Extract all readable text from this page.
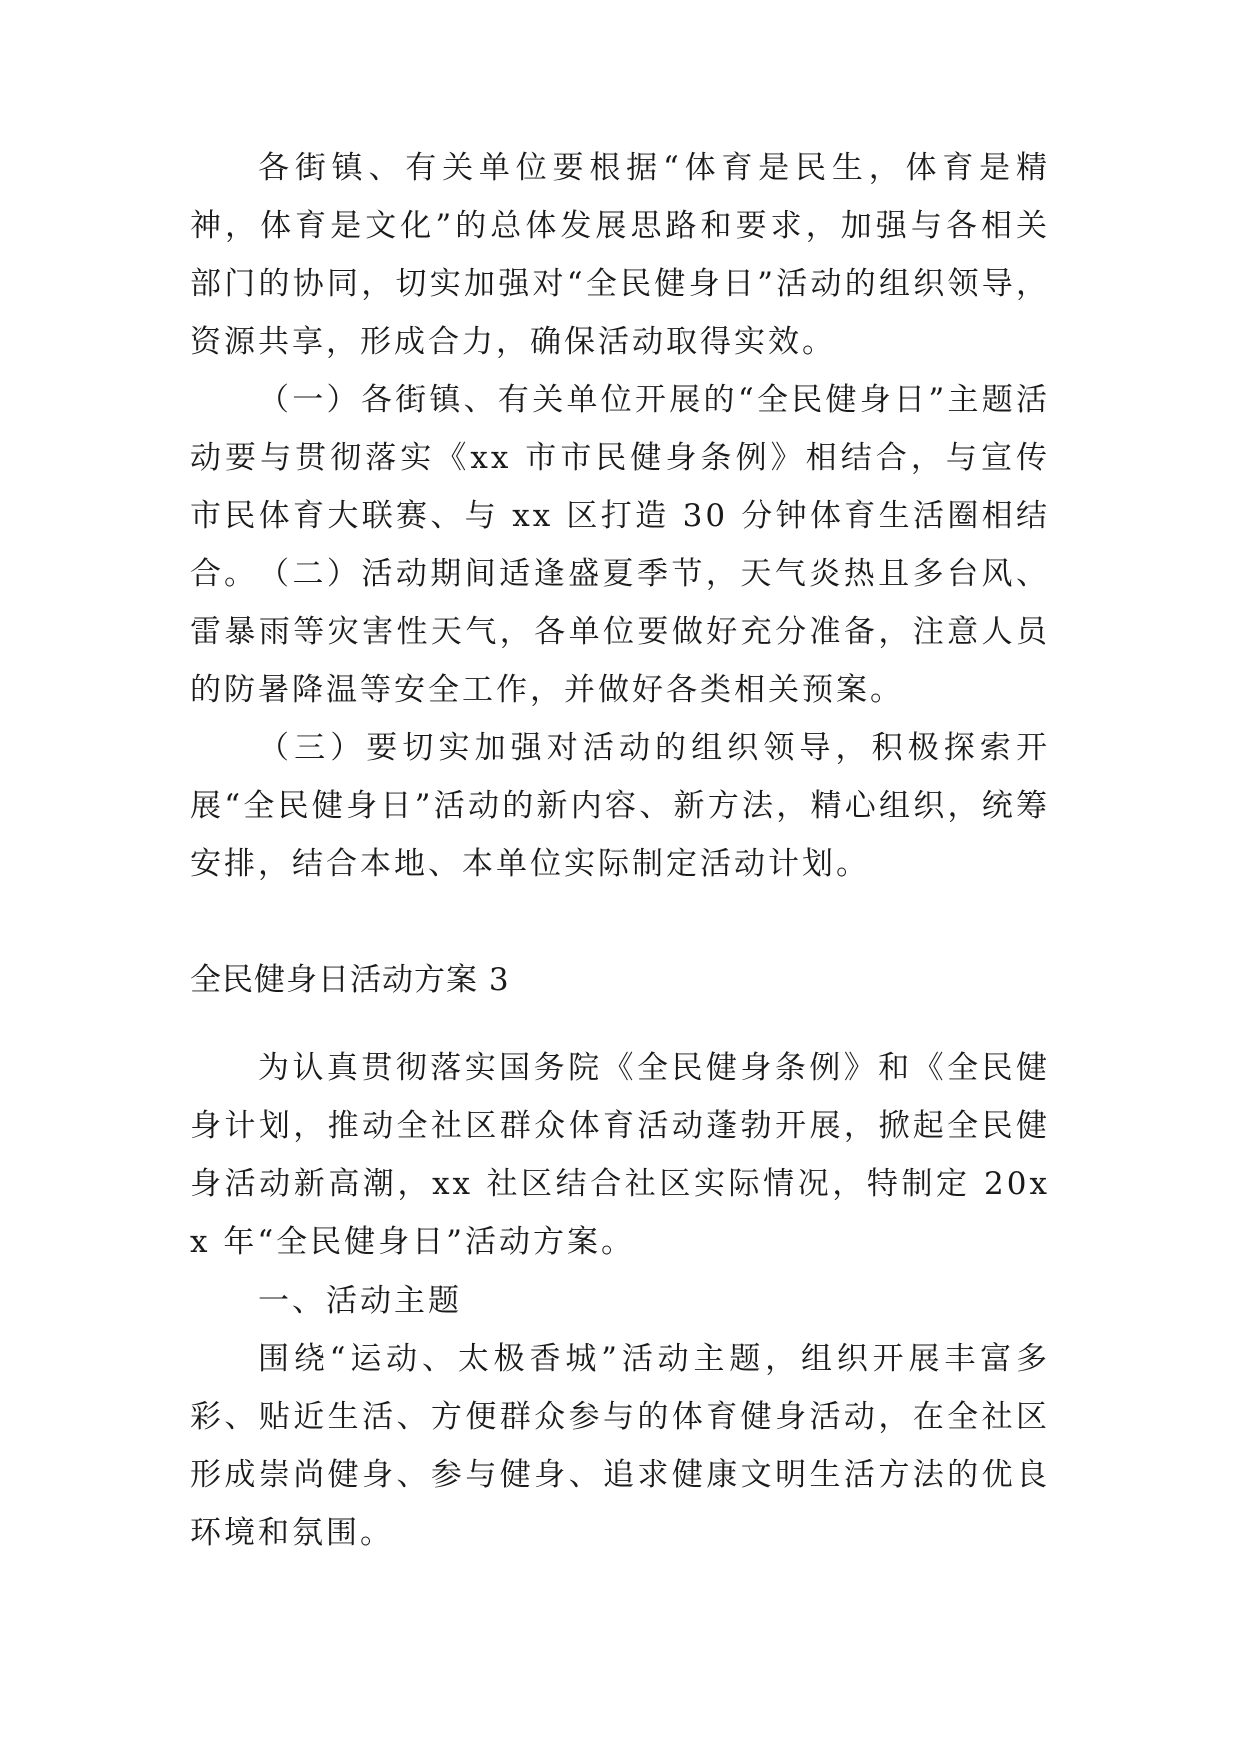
各街镇、有关单位要根据“体育是民生，体育是精神，体育是文化”的总体发展思路和要求，加强与各相关部门的协同，切实加强对“全民健身日”活动的组织领导，资源共享，形成合力，确保活动取得实效。

（一）各街镇、有关单位开展的“全民健身日”主题活动要与贯彻落实《xx 市市民健身条例》相结合，与宣传市民体育大联赛、与 xx 区打造 30 分钟体育生活圈相结合。 （二）活动期间适逢盛夏季节，天气炎热且多台风、雷暴雨等灾害性天气，各单位要做好充分准备，注意人员的防暑降温等安全工作，并做好各类相关预案。

（三）要切实加强对活动的组织领导，积极探索开展“全民健身日”活动的新内容、新方法，精心组织，统筹安排，结合本地、本单位实际制定活动计划。

全民健身日活动方案 3

为认真贯彻落实国务院《全民健身条例》和《全民健身计划，推动全社区群众体育活动蓬勃开展，掀起全民健身活动新高潮，xx 社区结合社区实际情况，特制定 20xx 年“全民健身日”活动方案。

一、活动主题

围绕“运动、太极香城”活动主题，组织开展丰富多彩、贴近生活、方便群众参与的体育健身活动，在全社区形成崇尚健身、参与健身、追求健康文明生活方法的优良环境和氛围。
